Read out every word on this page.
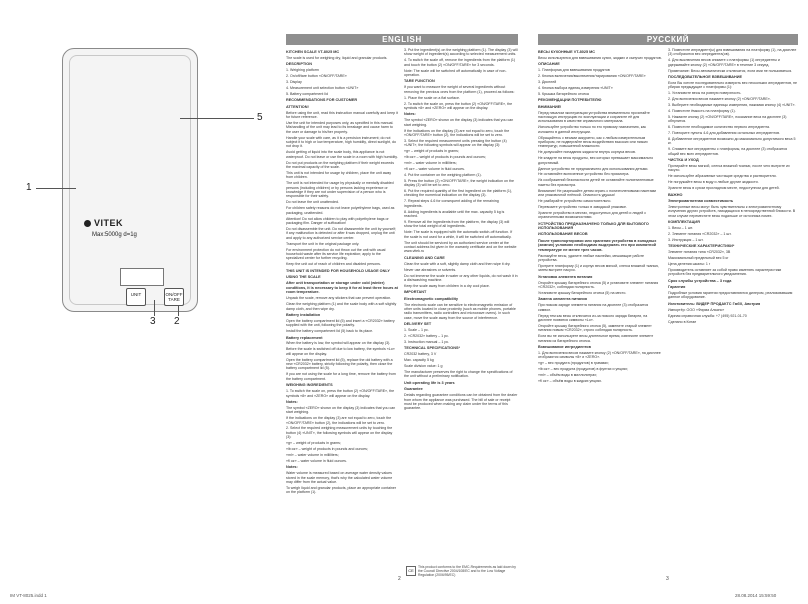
VITEK
Max:5000g d=1g
UNIT	ON/OFF TARE
1
5
3 2
ENGLISH

KITCHEN SCALE VT-8025 MC

The scale is used for weighing dry, liquid and granular products.

DESCRIPTION

1. Weighing platform

2. On/off/tare button «ON/OFF/TARE»

3. Display

4. Measurement unit selection button «UNIT»

5. Battery compartment lid

RECOMMENDATIONS FOR CUSTOMER

ATTENTION!

Before using the unit, read this instruction manual carefully and keep it for future reference.

Use the unit for intended purposes only, as specified in this manual. Mishandling of the unit may lead to its breakage and cause harm to the user or damage to his/her property.

Handle your scale with care, as it is a precision instrument; do not subject it to high or low temperature, high humidity, direct sunlight, do not drop it.

Avoid getting of liquid into the scale body, this appliance is not waterproof. Do not leave or use the scale in a room with high humidity.

Do not put products on the weighing platform if their weight exceeds the maximal capacity of the scale.

This unit is not intended for usage by children, place the unit away from children.

The unit is not intended for usage by physically or mentally disabled persons (including children) or by persons lacking experience or knowledge if they are not under supervision of a person who is responsible for their safety.

Do not leave the unit unattended.

For children safety reasons do not leave polyethylene bags, used as packaging, unattended.

Attention! Do not allow children to play with polyethylene bags or packaging film. Danger of suffocation!

Do not disassemble the unit. Do not disassemble the unit by yourself; if any malfunction is detected or after it was dropped, unplug the unit and apply to any authorized service center.

Transport the unit in the original package only.

For environment protection do not throw out the unit with usual household waste after its service life expiration; apply to the specialized center for further recycling.

Keep the unit out of reach of children and disabled persons.

THIS UNIT IS INTENDED FOR HOUSEHOLD USAGE ONLY

USING THE SCALE

After unit transportation or storage under cold (winter) conditions, it is necessary to keep it for at least three hours at room temperature.

Unpack the scale, remove any stickers that can prevent operation.

Clean the weighing platform (1) and the scale body with a soft slightly damp cloth, and then wipe dry.

Battery installation

Open the battery compartment lid (5) and insert a «CR2032» battery supplied with the unit, following the polarity.

Install the battery compartment lid (5) back to its place.

Battery replacement

When the battery is low, the symbol will appear on the display (3).

Before the scale is switched off due to low battery, the symbols «Lo» will appear on the display.

Open the battery compartment lid (5), replace the old battery with a new «CR2032» battery, strictly following the polarity, then close the battery compartment lid (5).

If you are not using the scale for a long time, remove the battery from the battery compartment.

WEIGHING INGREDIENTS

1. To switch the scale on, press the button (2) «ON/OFF/TARE», the symbols «8» and «ZERO» will appear on the display.

Notes:

The symbol «ZERO» shown on the display (3) indicates that you can start weighing.

If the indications on the display (3) are not equal to zero, touch the «ON/OFF/TARE» button (2), the indications will be set to zero.

2. Select the required weighing measurement units by touching the button (4) «UNIT», the following symbols will appear on the display (3):

«g» – weight of products in grams;

«lb:oz» – weight of products in pounds and ounces;

«ml» – water volume in milliliters;

«fl oz» – water volume in fluid ounces.

Notes:

Water volume is measured based on average water density values stored in the scale memory, that's why the calculated water volume may differ from the actual value.

To weigh liquid and granular products, place an appropriate container on the platform (1).

3. Put the ingredient(s) on the weighing platform (1). The display (3) will show weight of ingredient(s) according to selected measurement units.

4. To switch the scale off, remove the ingredients from the platform (1) and touch the button (2) «ON/OFF/TARE» for 3 seconds.

Note: The scale will be switched off automatically in case of non-operation.

TARE FUNCTION

If you want to measure the weight of several ingredients without removing the previous ones from the platform (1), proceed as follows:

1. Place the scale on a flat surface.

2. To switch the scale on, press the button (2) «ON/OFF/TARE», the symbols «8» and «ZERO» will appear on the display.

Notes:

The symbol «ZERO» shown on the display (3) indicates that you can start weighing.

If the indications on the display (3) are not equal to zero, touch the «ON/OFF/TARE» button (2), the indications will be set to zero.

3. Select the required measurement units pressing the button (4) «UNIT», the following symbols will appear on the display (3):

«g» – weight of products in grams;

«lb:oz» – weight of products in pounds and ounces;

«ml» – water volume in milliliters;

«fl oz» – water volume in fluid ounces.

4. Put the container on the weighing platform (1).

5. Press the button (2) «ON/OFF/TARE», the weight indication on the display (3) will be set to zero.

6. Put the required quantity of the first ingredient on the platform (1), checking the numerical indication on the display (3).

7. Repeat steps 4-6 for consequent adding of the remaining ingredients.

8. Adding ingredients is available until the max. capacity 5 kg is reached.

9. Remove all the ingredients from the platform, the display (3) will show the total weight of all ingredients.

Note: The scale is equipped with the automatic switch-off function. If the scale is not used for a while, it will be switched off automatically.

The unit should be serviced by an authorized service center at the contact address list given in the warranty certificate and on the website www.vitek.ru

CLEANING AND CARE

Clean the scale with a soft, slightly damp cloth and then wipe it dry.

Never use abrasives or solvents.

Do not immerse the scale in water or any other liquids, do not wash it in a dishwashing machine.

Keep the scale away from children in a dry cool place.

IMPORTANT

Electromagnetic compatibility

The electronic scale can be sensitive to electromagnetic emission of other units located in close proximity (such as mobile phones, portable radio transmitters, radio controllers and microwave ovens). In such case, move the scale away from the source of interference.

DELIVERY SET

1. Scale – 1 pc.

2. «CR2032» battery – 1 pc.

3. Instruction manual – 1 pc.

TECHNICAL SPECIFICATIONS*

CR2032 battery, 3 V

Max. capacity 5 kg

Scale division value: 1 g

The manufacturer preserves the right to change the specifications of the unit without a preliminary notification.

Unit operating life is 3 years

Guarantee

Details regarding guarantee conditions can be obtained from the dealer from whom the appliance was purchased. The bill of sale or receipt must be produced when making any claim under the terms of this guarantee.

CE
This product conforms to the EMC-Requirements as laid down by the Council Directive 2004/108/EC and to the Low Voltage Regulation (2006/95/EC)
2
РУССКИЙ

ВЕСЫ КУХОННЫЕ VT-8025 MC

Весы используются для взвешивания сухих, жидких и сыпучих продуктов.

ОПИСАНИЕ

1. Платформа для взвешивания продуктов

2. Кнопка включения/выключения/тарирования «ON/OFF/TARE»

3. Дисплей

4. Кнопка выбора единиц измерения «UNIT»

5. Крышка батарейного отсека

РЕКОМЕНДАЦИИ ПОТРЕБИТЕЛЮ

ВНИМАНИЕ!

Перед началом эксплуатации устройства внимательно прочитайте настоящую инструкцию по эксплуатации и сохраните её для использования в качестве справочного материала.

Используйте устройство только по его прямому назначению, как изложено в данной инструкции.

Обращайтесь с весами аккуратно, как с любым измерительным прибором, не подвергайте весы воздействию высоких или низких температур, повышенной влажности.

Не допускайте попадания жидкости внутрь корпуса весов.

Не кладите на весы продукты, вес которых превышает максимально допустимый.

Данное устройство не предназначено для использования детьми.

Не оставляйте включенное устройство без присмотра.

Из соображений безопасности детей не оставляйте полиэтиленовые пакеты без присмотра.

Внимание! Не разрешайте детям играть с полиэтиленовыми пакетами или упаковочной плёнкой. Опасность удушья!

Не разбирайте устройство самостоятельно.

Перевозите устройство только в заводской упаковке.

Храните устройство в местах, недоступных для детей и людей с ограниченными возможностями.

УСТРОЙСТВО ПРЕДНАЗНАЧЕНО ТОЛЬКО ДЛЯ БЫТОВОГО ИСПОЛЬЗОВАНИЯ

ИСПОЛЬЗОВАНИЕ ВЕСОВ

После транспортировки или хранения устройства в холодных (зимних) условиях необходимо выдержать его при комнатной температуре не менее трех часов.

Распакуйте весы, удалите любые наклейки, мешающие работе устройства.

Протрите платформу (1) и корпус весов мягкой, слегка влажной тканью, затем вытрите насухо.

Установка элемента питания

Откройте крышку батарейного отсека (5) и установите элемент питания «CR2032», соблюдая полярность.

Установите крышку батарейного отсека (5) на место.

Замена элемента питания

При низком заряде элемента питания на дисплее (3) отобразится символ.

Перед тем как весы отключатся из-за низкого заряда батареи, на дисплее появятся символы «Lo».

Откройте крышку батарейного отсека (5), замените старый элемент питания новым «CR2032», строго соблюдая полярность.

Если вы не используете весы длительное время, извлеките элемент питания из батарейного отсека.

Взвешивание ингредиентов

1. Для включения весов нажмите кнопку (2) «ON/OFF/TARE», на дисплее отобразятся символы «8» и «ZERO».

«g» – вес продукта (продуктов) в граммах;

«lb:oz» – вес продукта (продуктов) в фунтах и унциях;

«ml» – объём воды в миллилитрах;

«fl oz» – объём воды в жидких унциях.

3. Поместите ингредиент(ы) для взвешивания на платформу (1), на дисплее (3) отобразится вес ингредиента(ов).

4. Для выключения весов снимите с платформы (1) ингредиенты и удерживайте кнопку (2) «ON/OFF/TARE» в течение 3 секунд.

Примечание: Весы автоматически отключатся, если ими не пользоваться.

ПОСЛЕДОВАТЕЛЬНОЕ ВЗВЕШИВАНИЕ

Если Вы хотите последовательно измерить вес нескольких ингредиентов, не убирая предыдущие с платформы (1):

1. Установите весы на ровную поверхность.

2. Для включения весов нажмите кнопку (2) «ON/OFF/TARE».

3. Выберите необходимые единицы измерения, нажимая кнопку (4) «UNIT».

4. Поместите ёмкость на платформу (1).

5. Нажмите кнопку (2) «ON/OFF/TARE», показание веса на дисплее (3) обнулится.

6. Поместите необходимое количество первого ингредиента.

7. Повторите пункты 4-6 для добавления остальных ингредиентов.

8. Добавление ингредиентов возможно до максимально допустимого веса 5 кг.

9. Снимите все ингредиенты с платформы, на дисплее (3) отобразится общий вес всех ингредиентов.

ЧИСТКА И УХОД

Протирайте весы мягкой, слегка влажной тканью, после чего вытрите их насухо.

Не используйте абразивные чистящие средства и растворители.

Не погружайте весы в воду и любые другие жидкости.

Храните весы в сухом прохладном месте, недоступном для детей.

ВАЖНО

Электромагнитная совместимость

Электронные весы могут быть чувствительны к электромагнитному излучению других устройств, находящихся в непосредственной близости. В этом случае переместите весы подальше от источника помех.

КОМПЛЕКТАЦИЯ

1. Весы – 1 шт.

2. Элемент питания «CR2032» – 1 шт.

3. Инструкция – 1 шт.

ТЕХНИЧЕСКИЕ ХАРАКТЕРИСТИКИ*

Элемент питания типа «CR2032», 3В

Максимальный предельный вес 5 кг

Цена деления шкалы: 1 г

Производитель оставляет за собой право изменять характеристики устройств без предварительного уведомления.

Срок службы устройства – 3 года

Гарантия

Подробные условия гарантии предоставляются дилером, реализовавшим данное оборудование.

Изготовитель: ВИДЕР ПРОДАКТС ГмбХ, Австрия

Импортёр: ООО «Фирма Альянс»

Единая справочная служба: +7 (495) 921-01-70

Сделано в Китае

3
IM VT-8025.indd 1	28.08.2014 15:59:50
